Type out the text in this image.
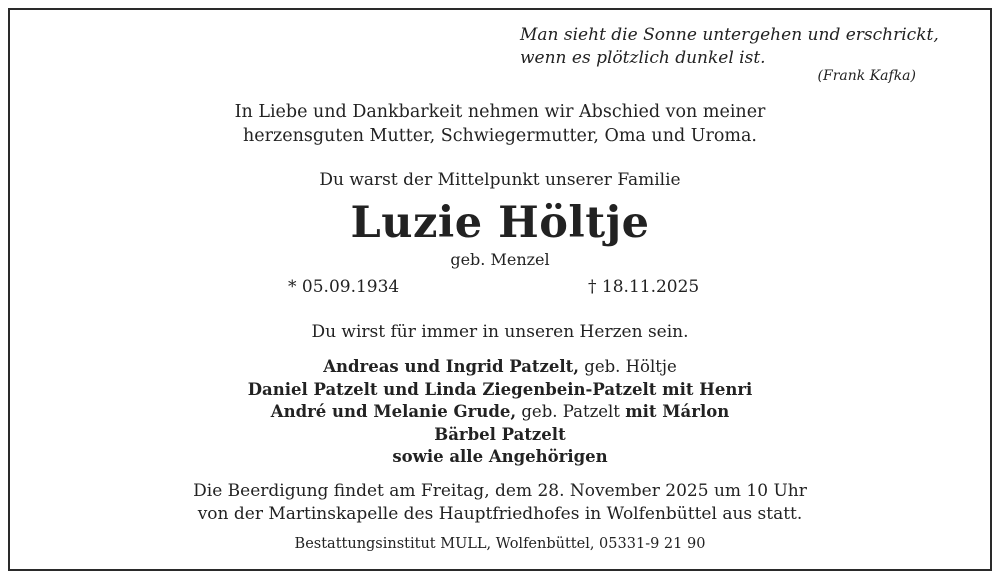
Man sieht die Sonne untergehen und erschrickt,
wenn es plötzlich dunkel ist.
(Frank Kafka)
In Liebe und Dankbarkeit nehmen wir Abschied von meiner
herzensguten Mutter, Schwiegermutter, Oma und Uroma.
Du warst der Mittelpunkt unserer Familie
Luzie Höltje
geb. Menzel
* 05.09.1934	† 18.11.2025
Du wirst für immer in unseren Herzen sein.
Andreas und Ingrid Patzelt, geb. Höltje
Daniel Patzelt und Linda Ziegenbein-Patzelt mit Henri
André und Melanie Grude, geb. Patzelt mit Márlon
Bärbel Patzelt
sowie alle Angehörigen
Die Beerdigung findet am Freitag, dem 28. November 2025 um 10 Uhr
von der Martinskapelle des Hauptfriedhofes in Wolfenbüttel aus statt.
Bestattungsinstitut MULL, Wolfenbüttel, 05331-9 21 90
